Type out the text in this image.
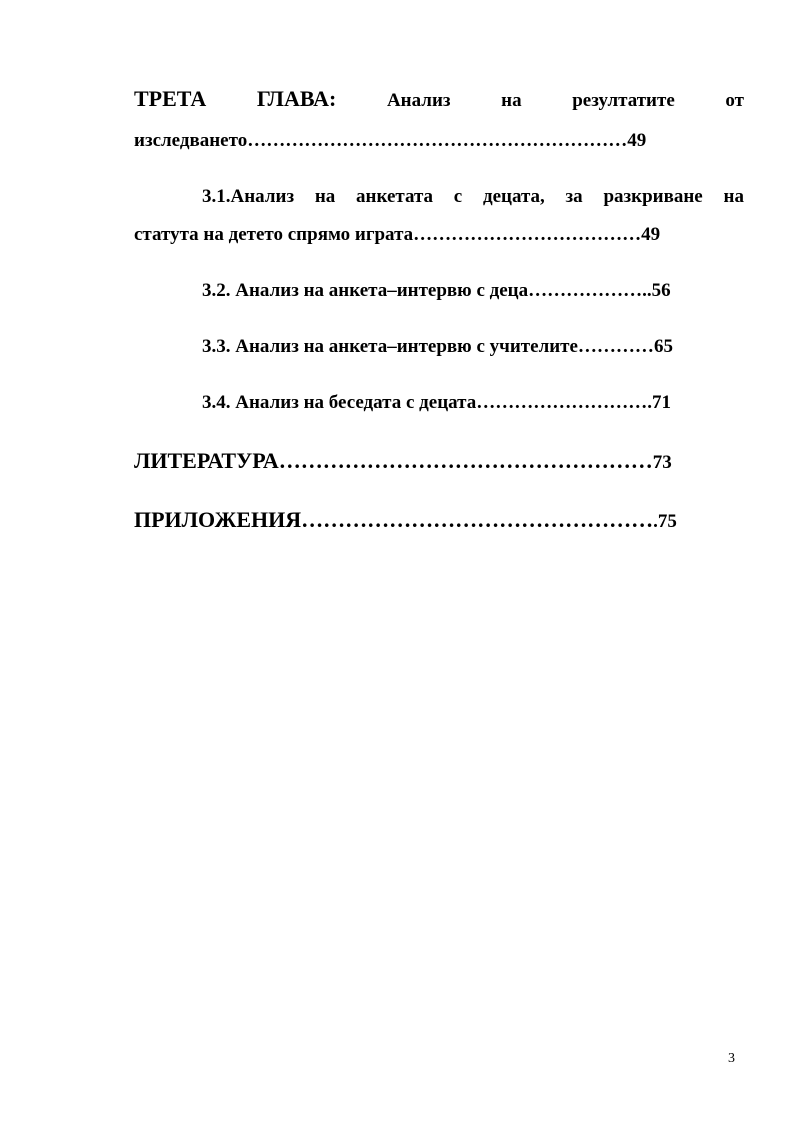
ТРЕТА ГЛАВА:	Анализ	на	резултатите	от
изследването……………………………………………………49
3.1.Анализ на анкетата с децата, за разкриване на
статута на детето спрямо играта………………………………49
3.2. Анализ на анкета–интервю с деца………………..56
3.3. Анализ на анкета–интервю с учителите…………65
3.4. Анализ на беседата с децата……………………….71
ЛИТЕРАТУРА……………………………………………73
ПРИЛОЖЕНИЯ………………………………………….75
3
